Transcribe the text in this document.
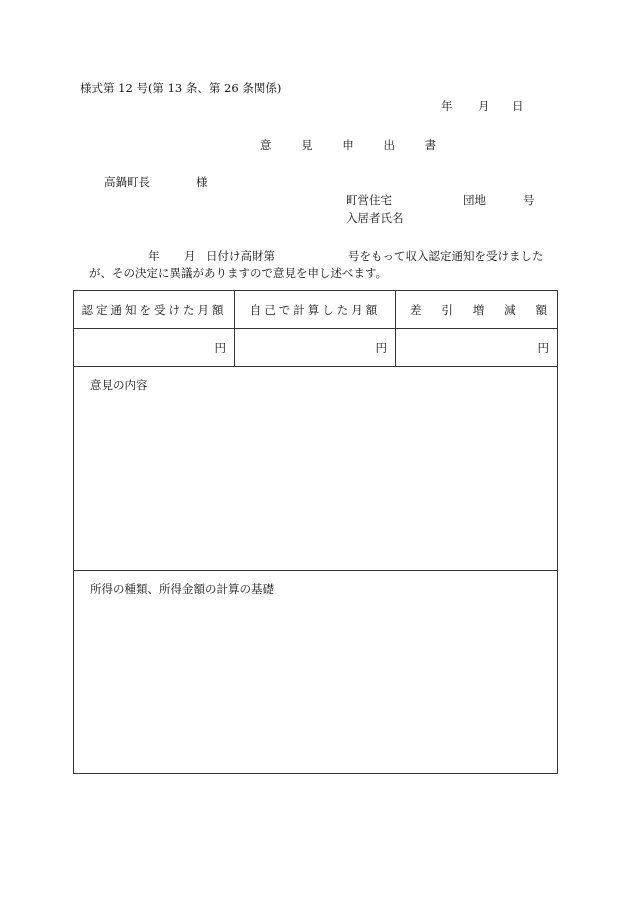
様式第 12 号(第 13 条、第 26 条関係)
年 月 日
意 見 申 出 書
高鍋町長	様
町営住宅	団地	号
入居者氏名
年 月 日付け高財第	号をもって収入認定通知を受けました
が、その決定に異議がありますので意見を申し述べます。
認定通知を受けた月額	自己で計算した月額	差 引 増 減 額

円	円	円
意見の内容		
所得の種類、所得金額の計算の基礎		
